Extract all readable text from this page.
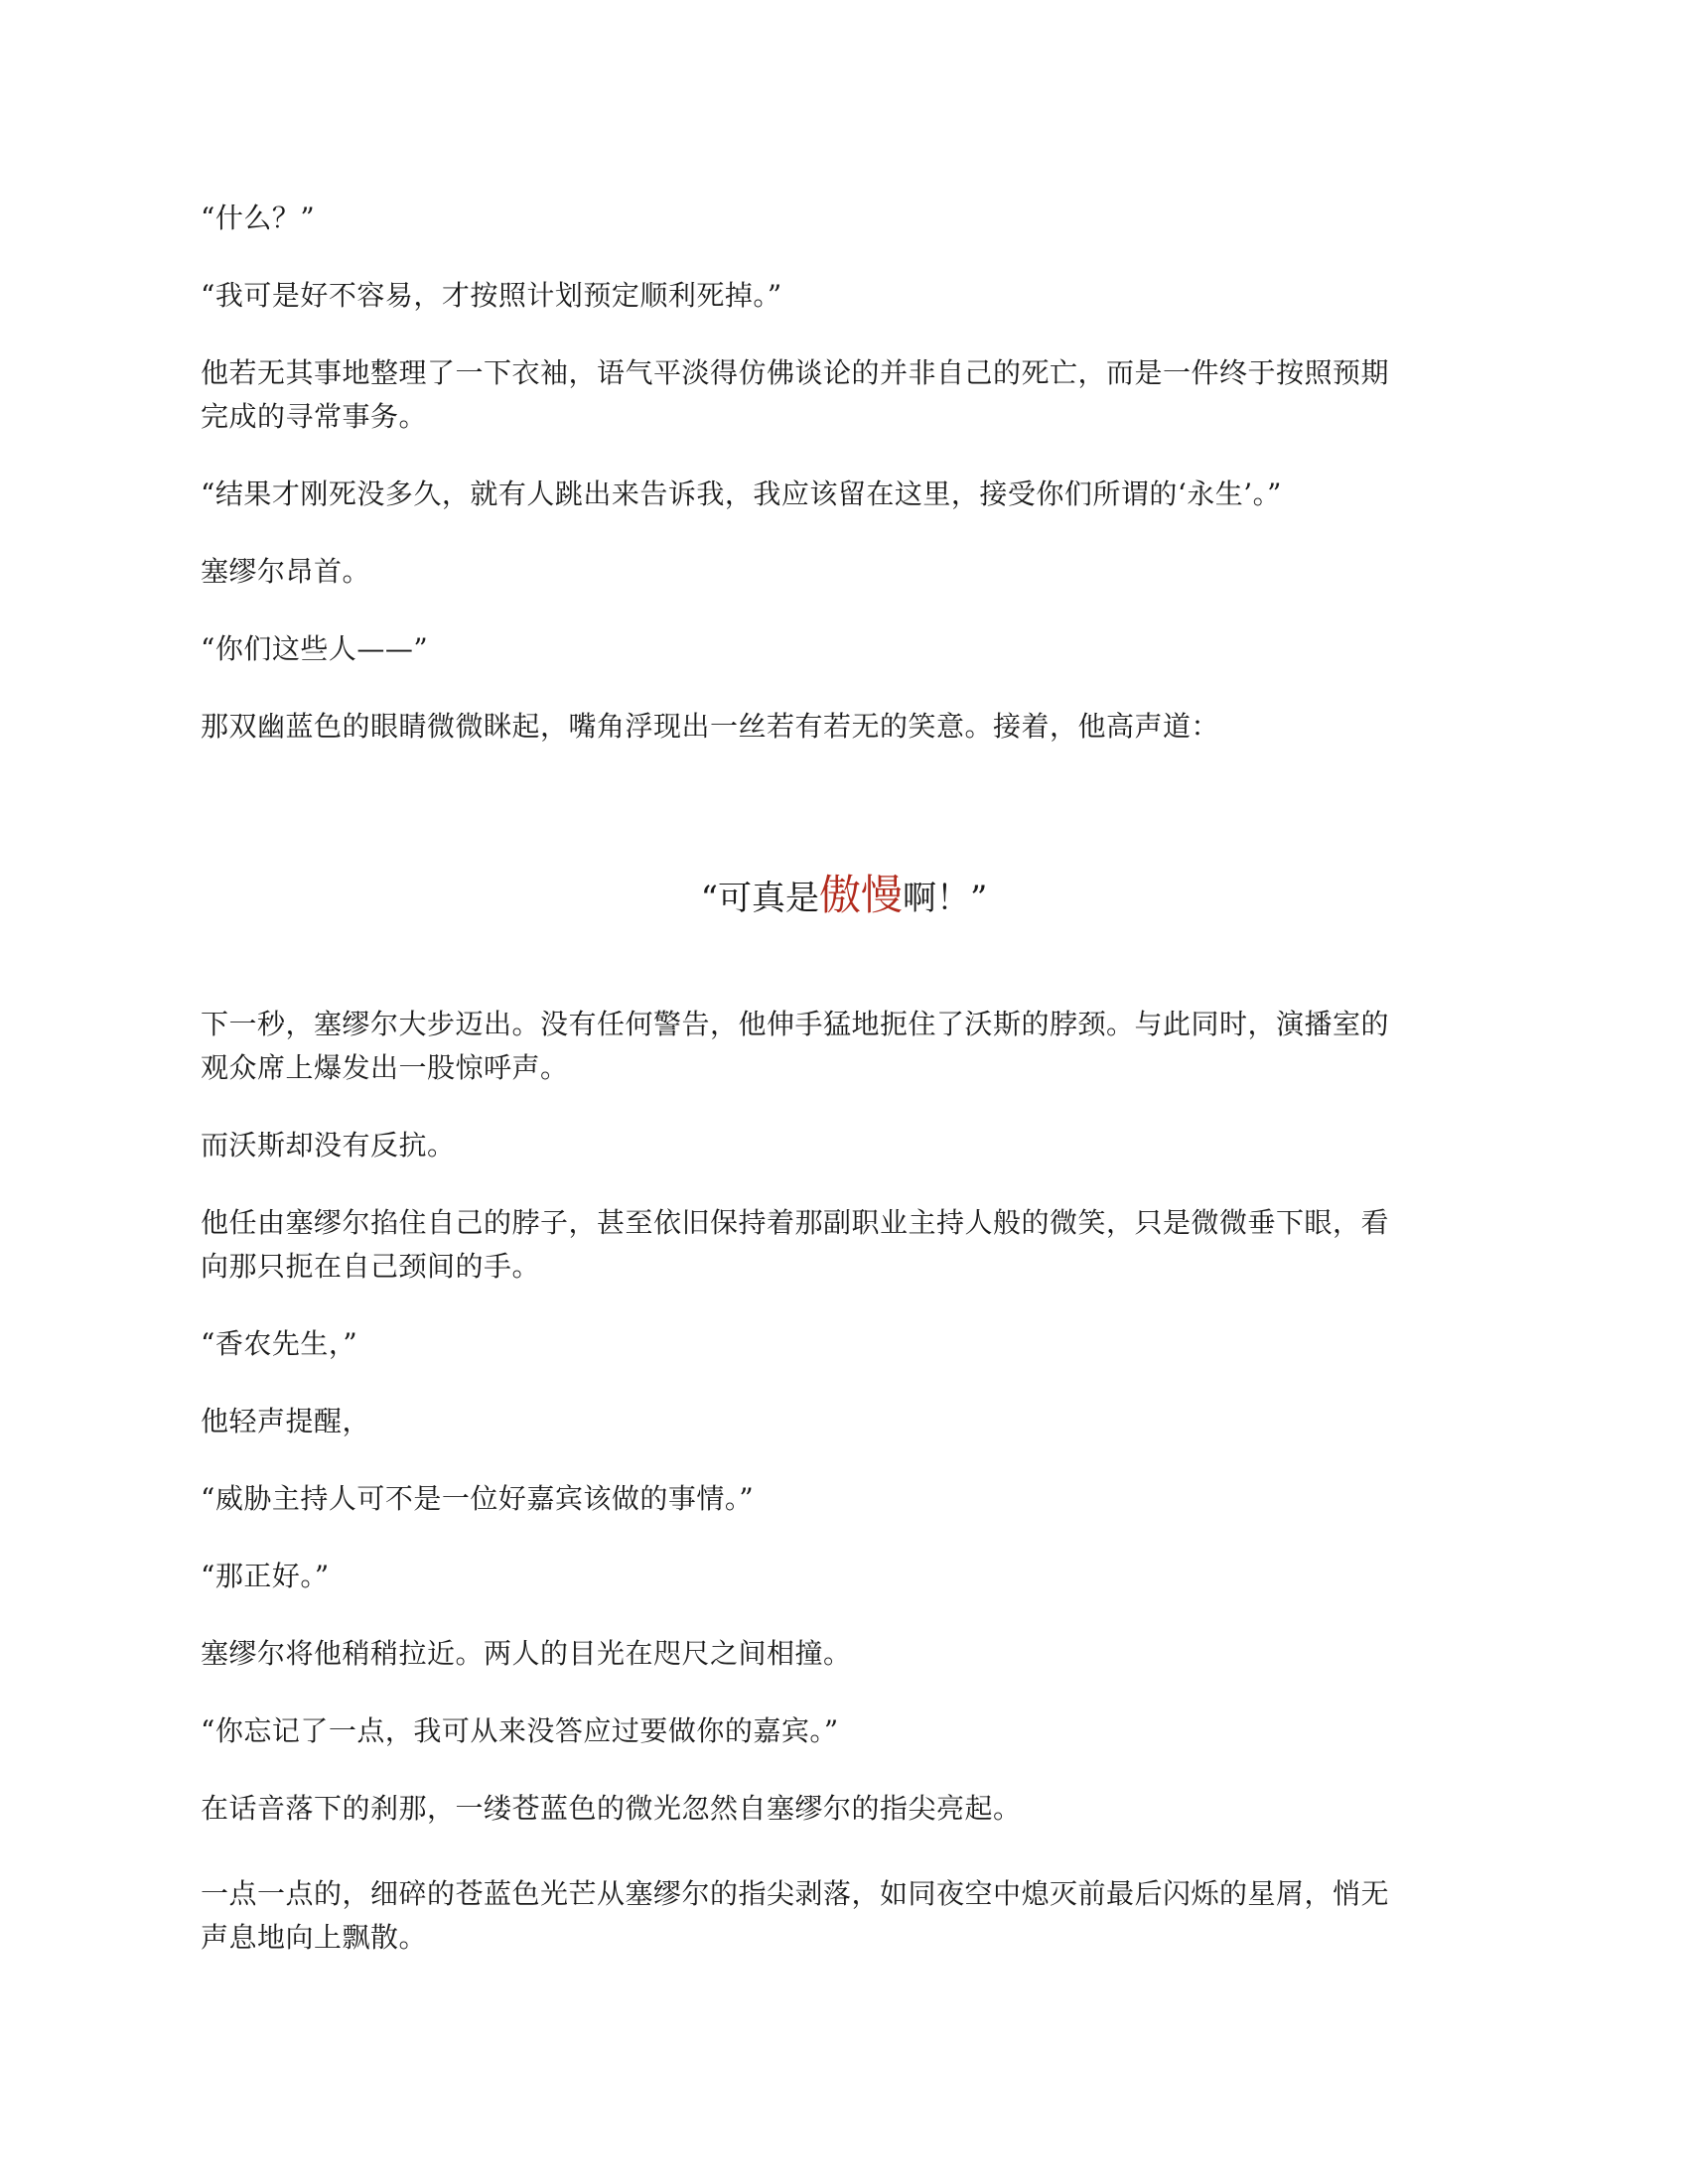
“什么？”
“我可是好不容易，才按照计划预定顺利死掉。”
他若无其事地整理了一下衣袖，语气平淡得仿佛谈论的并非自己的死亡，而是一件终于按照预期
完成的寻常事务。
“结果才刚死没多久，就有人跳出来告诉我，我应该留在这里，接受你们所谓的‘永生’。”
塞缪尔昂首。
“你们这些人——”
那双幽蓝色的眼睛微微眯起，嘴角浮现出一丝若有若无的笑意。接着，他高声道：
“可真是傲慢啊！”
下一秒，塞缪尔大步迈出。没有任何警告，他伸手猛地扼住了沃斯的脖颈。与此同时，演播室的
观众席上爆发出一股惊呼声。
而沃斯却没有反抗。
他任由塞缪尔掐住自己的脖子，甚至依旧保持着那副职业主持人般的微笑，只是微微垂下眼，看
向那只扼在自己颈间的手。
“香农先生，”
他轻声提醒，
“威胁主持人可不是一位好嘉宾该做的事情。”
“那正好。”
塞缪尔将他稍稍拉近。两人的目光在咫尺之间相撞。
“你忘记了一点，我可从来没答应过要做你的嘉宾。”
在话音落下的刹那，一缕苍蓝色的微光忽然自塞缪尔的指尖亮起。
一点一点的，细碎的苍蓝色光芒从塞缪尔的指尖剥落，如同夜空中熄灭前最后闪烁的星屑，悄无
声息地向上飘散。
